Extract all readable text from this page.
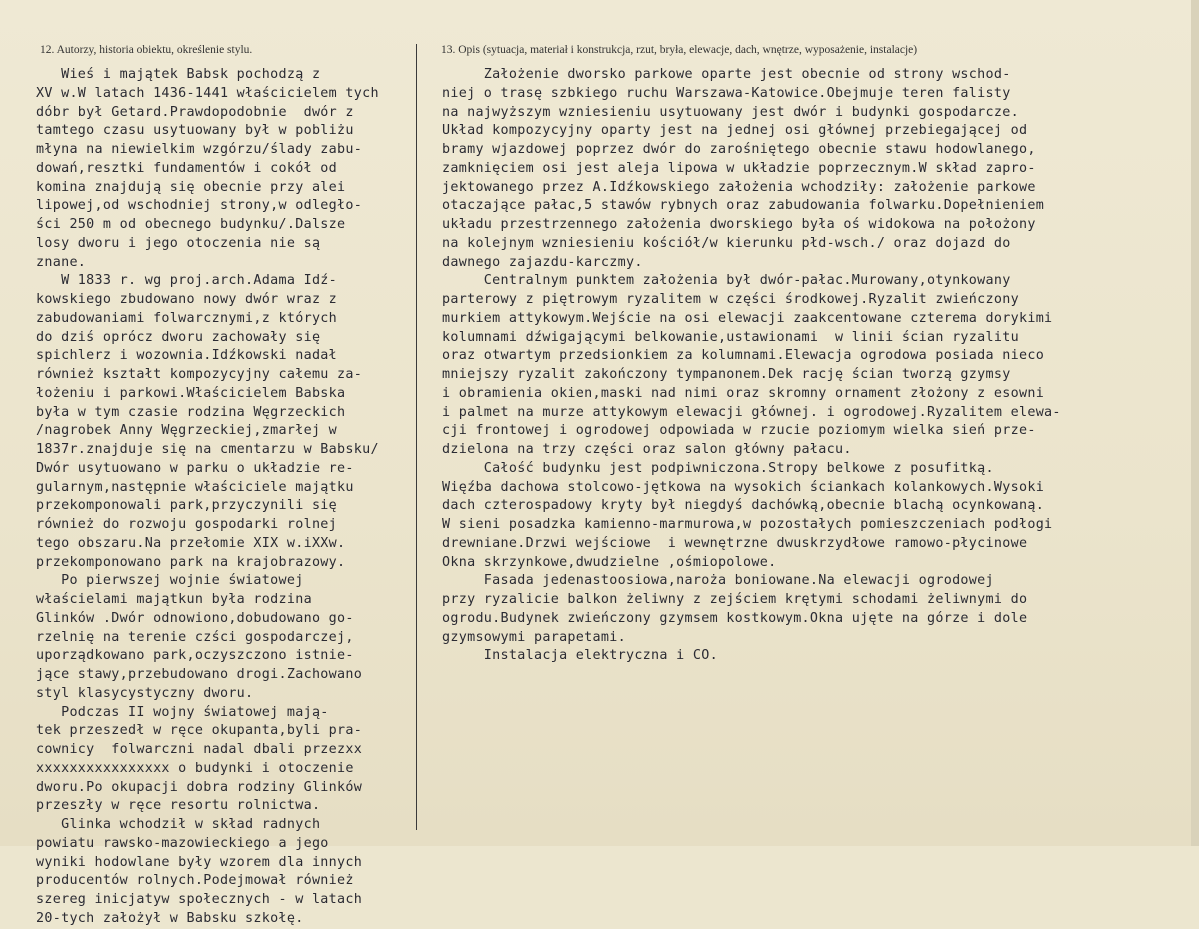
12. Autorzy, historia obiektu, określenie stylu.	13. Opis (sytuacja, materiał i konstrukcja, rzut, bryła, elewacje, dach, wnętrze, wyposażenie, instalacje)
Wieś i majątek Babsk pochodzą z
XV w.W latach 1436-1441 właścicielem tych
dóbr był Getard.Prawdopodobnie  dwór z
tamtego czasu usytuowany był w pobliżu
młyna na niewielkim wzgórzu/ślady zabu-
dowań,resztki fundamentów i cokół od
komina znajdują się obecnie przy alei
lipowej,od wschodniej strony,w odległo-
ści 250 m od obecnego budynku/.Dalsze
losy dworu i jego otoczenia nie są
znane.
W 1833 r. wg proj.arch.Adama Idź-
kowskiego zbudowano nowy dwór wraz z
zabudowaniami folwarcznymi,z których
do dziś oprócz dworu zachowały się
spichlerz i wozownia.Idźkowski nadał
również kształt kompozycyjny całemu za-
łożeniu i parkowi.Właścicielem Babska
była w tym czasie rodzina Węgrzeckich
/nagrobek Anny Węgrzeckiej,zmarłej w
1837r.znajduje się na cmentarzu w Babsku/
Dwór usytuowano w parku o układzie re-
gularnym,następnie właściciele majątku
przekomponowali park,przyczynili się
również do rozwoju gospodarki rolnej
tego obszaru.Na przełomie XIX w.iXXw.
przekomponowano park na krajobrazowy.
Po pierwszej wojnie światowej
właścielami majątkun była rodzina
Glinków .Dwór odnowiono,dobudowano go-
rzelnię na terenie czści gospodarczej,
uporządkowano park,oczyszczono istnie-
jące stawy,przebudowano drogi.Zachowano
styl klasycystyczny dworu.
Podczas II wojny światowej mają-
tek przeszedł w ręce okupanta,byli pra-
cownicy  folwarczni nadal dbali przezxx
xxxxxxxxxxxxxxxx o budynki i otoczenie
dworu.Po okupacji dobra rodziny Glinków
przeszły w ręce resortu rolnictwa.
Glinka wchodził w skład radnych
powiatu rawsko-mazowieckiego a jego
wyniki hodowlane były wzorem dla innych
producentów rolnych.Podejmował również
szereg inicjatyw społecznych - w latach
20-tych założył w Babsku szkołę.
Założenie dworsko parkowe oparte jest obecnie od strony wschod-
niej o trasę szbkiego ruchu Warszawa-Katowice.Obejmuje teren falisty
na najwyższym wzniesieniu usytuowany jest dwór i budynki gospodarcze.
Układ kompozycyjny oparty jest na jednej osi głównej przebiegającej od
bramy wjazdowej poprzez dwór do zarośniętego obecnie stawu hodowlanego,
zamknięciem osi jest aleja lipowa w układzie poprzecznym.W skład zapro-
jektowanego przez A.Idźkowskiego założenia wchodziły: założenie parkowe
otaczające pałac,5 stawów rybnych oraz zabudowania folwarku.Dopełnieniem
układu przestrzennego założenia dworskiego była oś widokowa na położony
na kolejnym wzniesieniu kościół/w kierunku płd-wsch./ oraz dojazd do
dawnego zajazdu-karczmy.
Centralnym punktem założenia był dwór-pałac.Murowany,otynkowany
parterowy z piętrowym ryzalitem w części środkowej.Ryzalit zwieńczony
murkiem attykowym.Wejście na osi elewacji zaakcentowane czterema dorykimi
kolumnami dźwigającymi belkowanie,ustawionami  w linii ścian ryzalitu
oraz otwartym przedsionkiem za kolumnami.Elewacja ogrodowa posiada nieco
mniejszy ryzalit zakończony tympanonem.Dek rację ścian tworzą gzymsy
i obramienia okien,maski nad nimi oraz skromny ornament złożony z esowni
i palmet na murze attykowym elewacji głównej. i ogrodowej.Ryzalitem elewa-
cji frontowej i ogrodowej odpowiada w rzucie poziomym wielka sień prze-
dzielona na trzy części oraz salon główny pałacu.
Całość budynku jest podpiwniczona.Stropy belkowe z posufitką.
Więźba dachowa stolcowo-jętkowa na wysokich ściankach kolankowych.Wysoki
dach czterospadowy kryty był niegdyś dachówką,obecnie blachą ocynkowaną.
W sieni posadzka kamienno-marmurowa,w pozostałych pomieszczeniach podłogi
drewniane.Drzwi wejściowe  i wewnętrzne dwuskrzydłowe ramowo-płycinowe
Okna skrzynkowe,dwudzielne ,ośmiopolowe.
Fasada jedenastoosiowa,naroża boniowane.Na elewacji ogrodowej
przy ryzalicie balkon żeliwny z zejściem krętymi schodami żeliwnymi do
ogrodu.Budynek zwieńczony gzymsem kostkowym.Okna ujęte na górze i dole
gzymsowymi parapetami.
Instalacja elektryczna i CO.
